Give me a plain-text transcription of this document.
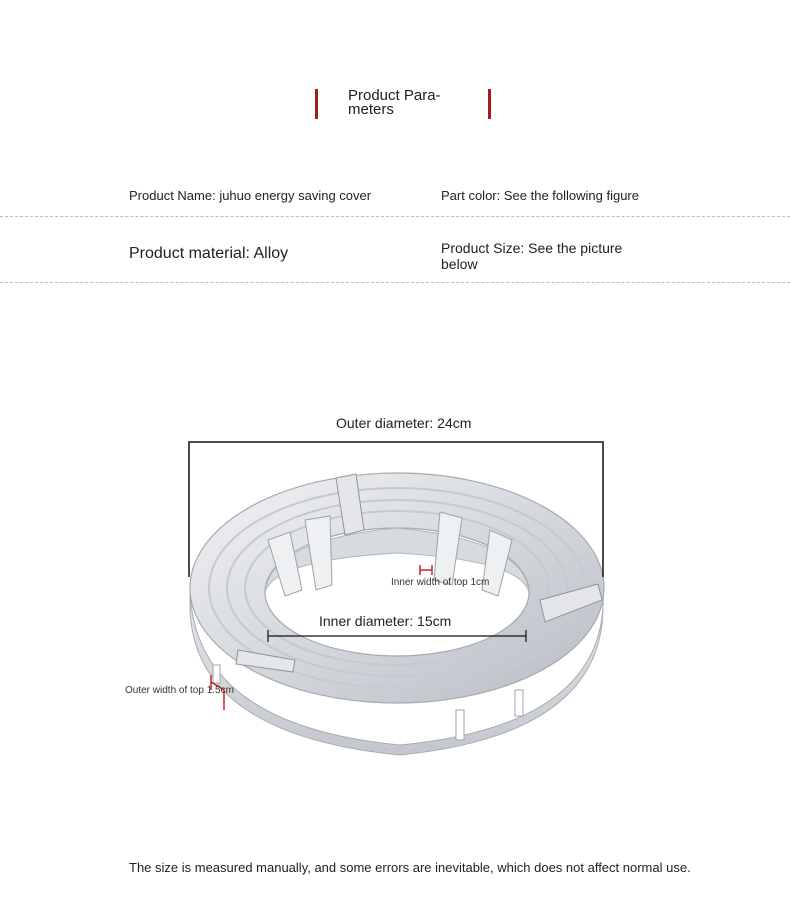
Product Para-
meters
Product Name: juhuo energy saving cover	Part color: See the following figure
Product material: Alloy	Product Size: See the picture
below
Outer diameter: 24cm
Inner diameter: 15cm
Inner width of top 1cm
Outer width of top 1.5cm
The size is measured manually, and some errors are inevitable, which does not affect normal use.
